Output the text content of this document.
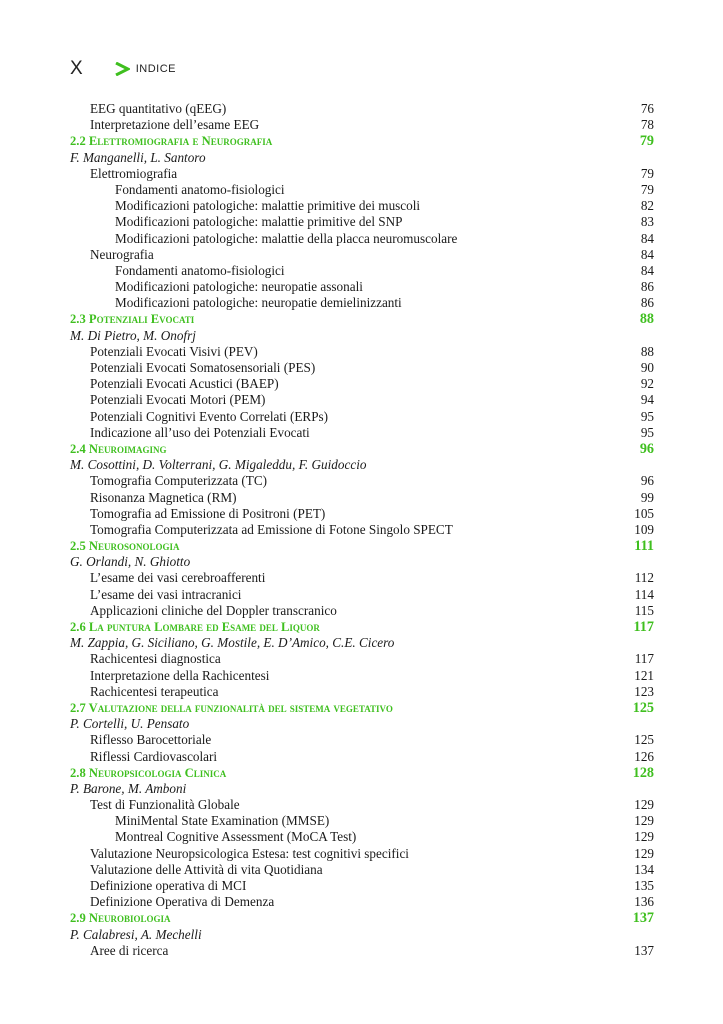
X	INDICE
EEG quantitativo (qEEG)	76
Interpretazione dell’esame EEG	78
2.2 Elettromiografia e Neurografia	79
F. Manganelli, L. Santoro
Elettromiografia	79
Fondamenti anatomo-fisiologici	79
Modificazioni patologiche: malattie primitive dei muscoli	82
Modificazioni patologiche: malattie primitive del SNP	83
Modificazioni patologiche: malattie della placca neuromuscolare	84
Neurografia	84
Fondamenti anatomo-fisiologici	84
Modificazioni patologiche: neuropatie assonali	86
Modificazioni patologiche: neuropatie demielinizzanti	86
2.3 Potenziali Evocati	88
M. Di Pietro, M. Onofrj
Potenziali Evocati Visivi (PEV)	88
Potenziali Evocati Somatosensoriali (PES)	90
Potenziali Evocati Acustici (BAEP)	92
Potenziali Evocati Motori (PEM)	94
Potenziali Cognitivi Evento Correlati (ERPs)	95
Indicazione all’uso dei Potenziali Evocati	95
2.4 Neuroimaging	96
M. Cosottini, D. Volterrani, G. Migaleddu, F. Guidoccio
Tomografia Computerizzata (TC)	96
Risonanza Magnetica (RM)	99
Tomografia ad Emissione di Positroni (PET)	105
Tomografia Computerizzata ad Emissione di Fotone Singolo SPECT	109
2.5 Neurosonologia	111
G. Orlandi, N. Ghiotto
L’esame dei vasi cerebroafferenti	112
L’esame dei vasi intracranici	114
Applicazioni cliniche del Doppler transcranico	115
2.6 La puntura Lombare ed Esame del Liquor	117
M. Zappia, G. Siciliano, G. Mostile, E. D’Amico, C.E. Cicero
Rachicentesi diagnostica	117
Interpretazione della Rachicentesi	121
Rachicentesi terapeutica	123
2.7 Valutazione della funzionalità del sistema vegetativo	125
P. Cortelli, U. Pensato
Riflesso Barocettoriale	125
Riflessi Cardiovascolari	126
2.8 Neuropsicologia Clinica	128
P. Barone, M. Amboni
Test di Funzionalità Globale	129
MiniMental State Examination (MMSE)	129
Montreal Cognitive Assessment (MoCA Test)	129
Valutazione Neuropsicologica Estesa: test cognitivi specifici	129
Valutazione delle Attività di vita Quotidiana	134
Definizione operativa di MCI	135
Definizione Operativa di Demenza	136
2.9 Neurobiologia	137
P. Calabresi, A. Mechelli
Aree di ricerca	137
